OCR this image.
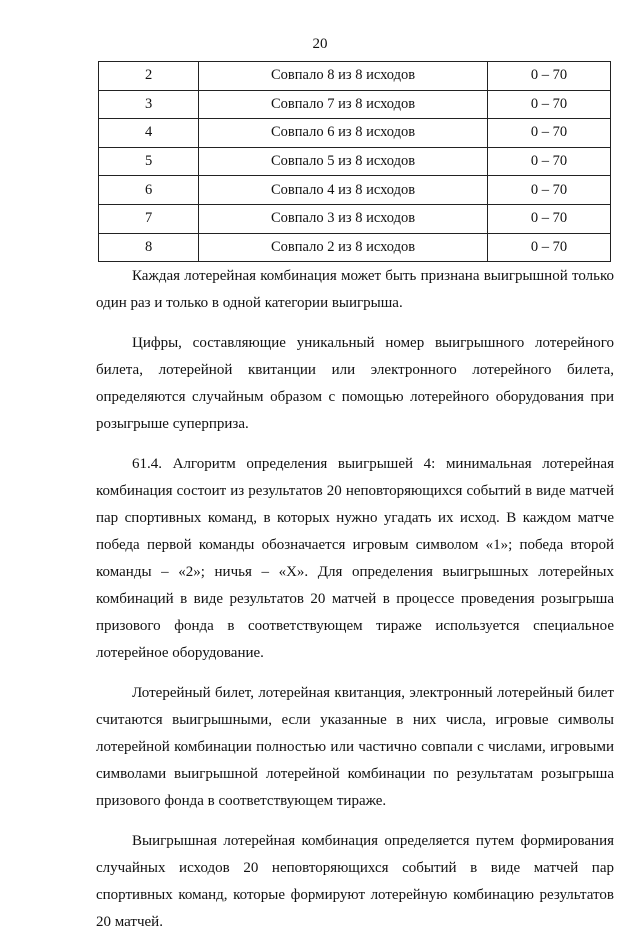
20
2	Совпало 8 из 8 исходов	0 – 70
3	Совпало 7 из 8 исходов	0 – 70
4	Совпало 6 из 8 исходов	0 – 70
5	Совпало 5 из 8 исходов	0 – 70
6	Совпало 4 из 8 исходов	0 – 70
7	Совпало 3 из 8 исходов	0 – 70
8	Совпало 2 из 8 исходов	0 – 70

Каждая лотерейная комбинация может быть признана выигрышной только один раз и только в одной категории выигрыша.

Цифры, составляющие уникальный номер выигрышного лотерейного билета, лотерейной квитанции или электронного лотерейного билета, определяются случайным образом с помощью лотерейного оборудования при розыгрыше суперприза.

61.4. Алгоритм определения выигрышей 4: минимальная лотерейная комбинация состоит из результатов 20 неповторяющихся событий в виде матчей пар спортивных команд, в которых нужно угадать их исход. В каждом матче победа первой команды обозначается игровым символом «1»; победа второй команды – «2»; ничья – «Х». Для определения выигрышных лотерейных комбинаций в виде результатов 20 матчей в процессе проведения розыгрыша призового фонда в соответствующем тираже используется специальное лотерейное оборудование.

Лотерейный билет, лотерейная квитанция, электронный лотерейный билет считаются выигрышными, если указанные в них числа, игровые символы лотерейной комбинации полностью или частично совпали с числами, игровыми символами выигрышной лотерейной комбинации по результатам розыгрыша призового фонда в соответствующем тираже.

Выигрышная лотерейная комбинация определяется путем формирования случайных исходов 20 неповторяющихся событий в виде матчей пар спортивных команд, которые формируют лотерейную комбинацию результатов 20 матчей.
